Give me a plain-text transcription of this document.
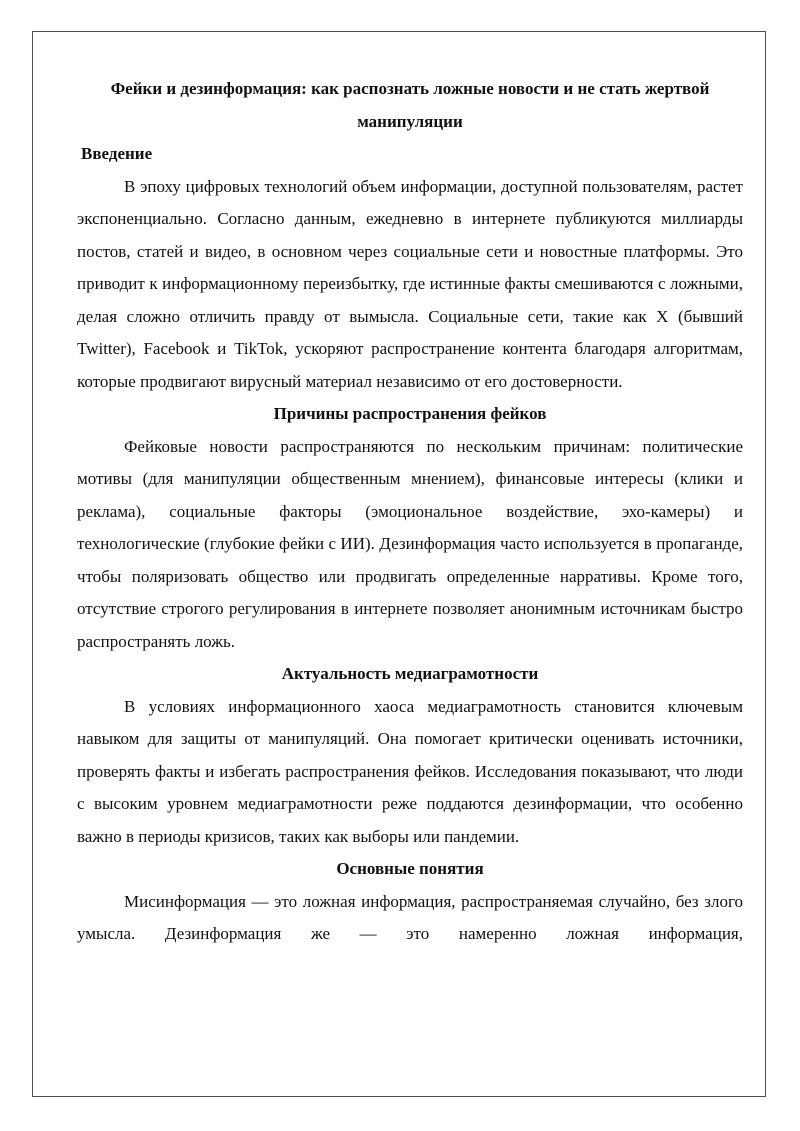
Фейки и дезинформация: как распознать ложные новости и не стать жертвой манипуляции

Введение

В эпоху цифровых технологий объем информации, доступной пользователям, растет экспоненциально. Согласно данным, ежедневно в интернете публикуются миллиарды постов, статей и видео, в основном через социальные сети и новостные платформы. Это приводит к информационному переизбытку, где истинные факты смешиваются с ложными, делая сложно отличить правду от вымысла. Социальные сети, такие как X (бывший Twitter), Facebook и TikTok, ускоряют распространение контента благодаря алгоритмам, которые продвигают вирусный материал независимо от его достоверности.

Причины распространения фейков

Фейковые новости распространяются по нескольким причинам: политические мотивы (для манипуляции общественным мнением), финансовые интересы (клики и реклама), социальные факторы (эмоциональное воздействие, эхо-камеры) и технологические (глубокие фейки с ИИ). Дезинформация часто используется в пропаганде, чтобы поляризовать общество или продвигать определенные нарративы. Кроме того, отсутствие строгого регулирования в интернете позволяет анонимным источникам быстро распространять ложь.

Актуальность медиаграмотности

В условиях информационного хаоса медиаграмотность становится ключевым навыком для защиты от манипуляций. Она помогает критически оценивать источники, проверять факты и избегать распространения фейков. Исследования показывают, что люди с высоким уровнем медиаграмотности реже поддаются дезинформации, что особенно важно в периоды кризисов, таких как выборы или пандемии.

Основные понятия

Мисинформация — это ложная информация, распространяемая случайно, без злого умысла. Дезинформация же — это намеренно ложная информация,
